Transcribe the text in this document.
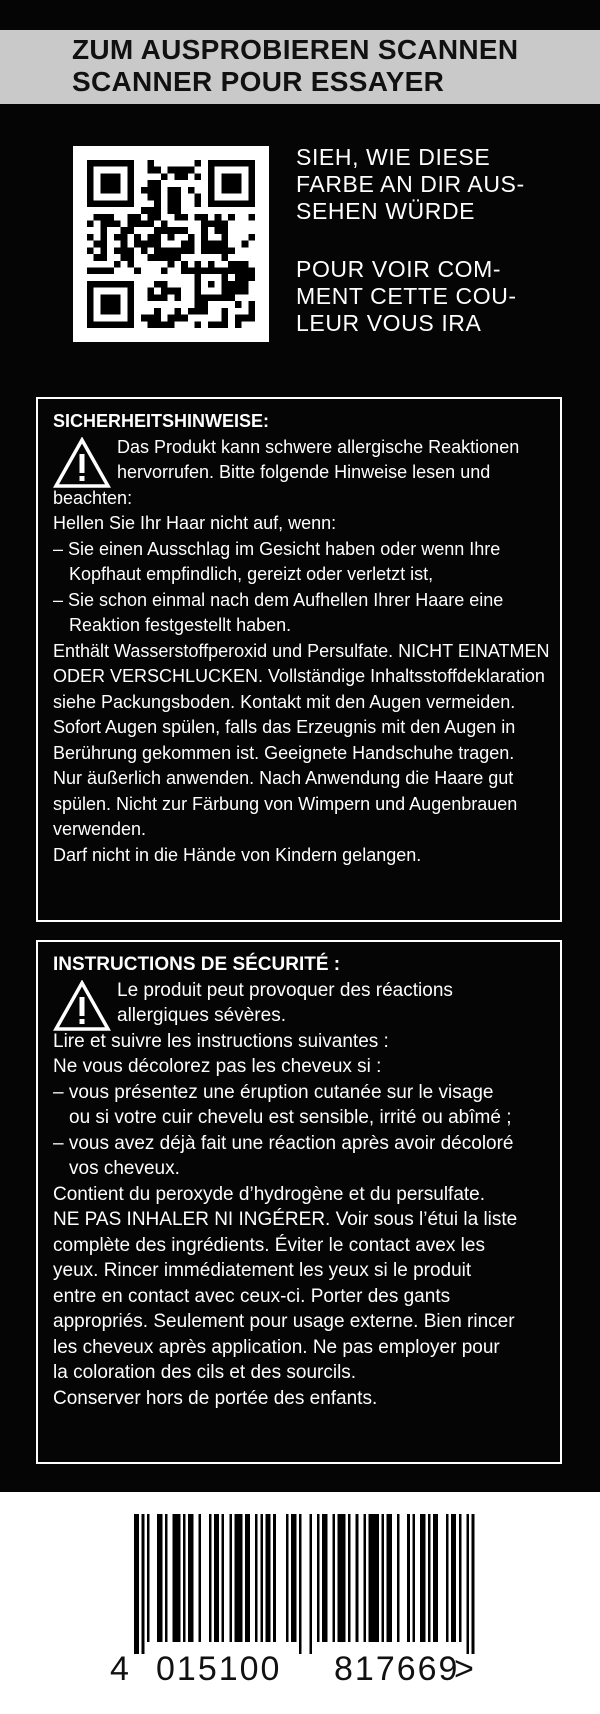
ZUM AUSPROBIEREN SCANNEN
SCANNER POUR ESSAYER
SIEH, WIE DIESE
FARBE AN DIR AUS-
SEHEN WÜRDE
POUR VOIR COM-
MENT CETTE COU-
LEUR VOUS IRA

SICHERHEITSHINWEISE:

Das Produkt kann schwere allergische Reaktionen

hervorrufen. Bitte folgende Hinweise lesen und

beachten:

Hellen Sie Ihr Haar nicht auf, wenn:

– Sie einen Ausschlag im Gesicht haben oder wenn Ihre

Kopfhaut empfindlich, gereizt oder verletzt ist,

– Sie schon einmal nach dem Aufhellen Ihrer Haare eine

Reaktion festgestellt haben.

Enthält Wasserstoffperoxid und Persulfate. NICHT EINATMEN

ODER VERSCHLUCKEN. Vollständige Inhaltsstoffdeklaration

siehe Packungsboden. Kontakt mit den Augen vermeiden.

Sofort Augen spülen, falls das Erzeugnis mit den Augen in

Berührung gekommen ist. Geeignete Handschuhe tragen.

Nur äußerlich anwenden. Nach Anwendung die Haare gut

spülen. Nicht zur Färbung von Wimpern und Augenbrauen

verwenden.

Darf nicht in die Hände von Kindern gelangen.

INSTRUCTIONS DE SÉCURITÉ :

Le produit peut provoquer des réactions

allergiques sévères.

Lire et suivre les instructions suivantes :

Ne vous décolorez pas les cheveux si :

– vous présentez une éruption cutanée sur le visage

ou si votre cuir chevelu est sensible, irrité ou abîmé ;

– vous avez déjà fait une réaction après avoir décoloré

vos cheveux.

Contient du peroxyde d’hydrogène et du persulfate.

NE PAS INHALER NI INGÉRER. Voir sous l’étui la liste

complète des ingrédients. Éviter le contact avex les

yeux. Rincer immédiatement les yeux si le produit

entre en contact avec ceux-ci. Porter des gants

appropriés. Seulement pour usage externe. Bien rincer

les cheveux après application. Ne pas employer pour

la coloration des cils et des sourcils.

Conserver hors de portée des enfants.

4 015100 817669
>
